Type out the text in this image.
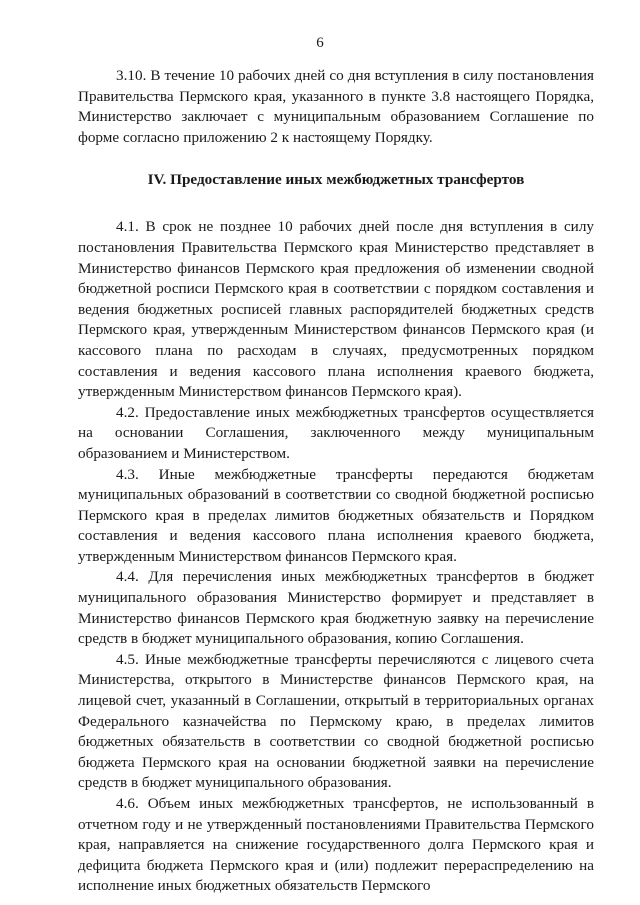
6

3.10. В течение 10 рабочих дней со дня вступления в силу постановления Правительства Пермского края, указанного в пункте 3.8 настоящего Порядка, Министерство заключает с муниципальным образованием Соглашение по форме согласно приложению 2 к настоящему Порядку.

IV. Предоставление иных межбюджетных трансфертов

4.1. В срок не позднее 10 рабочих дней после дня вступления в силу постановления Правительства Пермского края Министерство представляет в Министерство финансов Пермского края предложения об изменении сводной бюджетной росписи Пермского края в соответствии с порядком составления и ведения бюджетных росписей главных распорядителей бюджетных средств Пермского края, утвержденным Министерством финансов Пермского края (и кассового плана по расходам в случаях, предусмотренных порядком составления и ведения кассового плана исполнения краевого бюджета, утвержденным Министерством финансов Пермского края).

4.2. Предоставление иных межбюджетных трансфертов осуществляется на основании Соглашения, заключенного между муниципальным образованием и Министерством.

4.3. Иные межбюджетные трансферты передаются бюджетам муниципальных образований в соответствии со сводной бюджетной росписью Пермского края в пределах лимитов бюджетных обязательств и Порядком составления и ведения кассового плана исполнения краевого бюджета, утвержденным Министерством финансов Пермского края.

4.4. Для перечисления иных межбюджетных трансфертов в бюджет муниципального образования Министерство формирует и представляет в Министерство финансов Пермского края бюджетную заявку на перечисление средств в бюджет муниципального образования, копию Соглашения.

4.5. Иные межбюджетные трансферты перечисляются с лицевого счета Министерства, открытого в Министерстве финансов Пермского края, на лицевой счет, указанный в Соглашении, открытый в территориальных органах Федерального казначейства по Пермскому краю, в пределах лимитов бюджетных обязательств в соответствии со сводной бюджетной росписью бюджета Пермского края на основании бюджетной заявки на перечисление средств в бюджет муниципального образования.

4.6. Объем иных межбюджетных трансфертов, не использованный в отчетном году и не утвержденный постановлениями Правительства Пермского края, направляется на снижение государственного долга Пермского края и дефицита бюджета Пермского края и (или) подлежит перераспределению на исполнение иных бюджетных обязательств Пермского
